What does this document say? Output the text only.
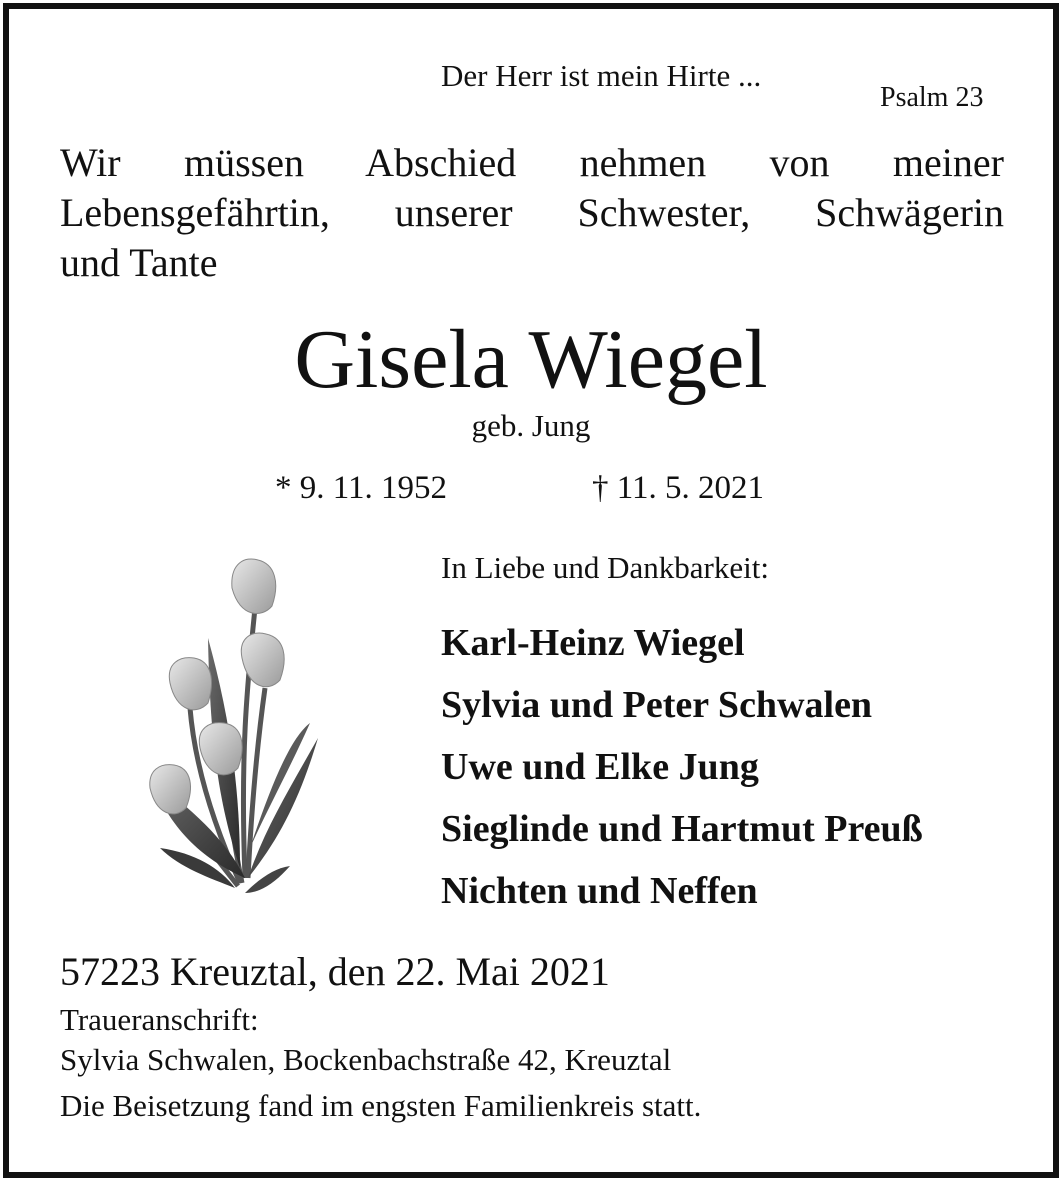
Der Herr ist mein Hirte ...
Psalm 23
Wir müssen Abschied nehmen von meiner
Lebensgefährtin, unserer Schwester, Schwägerin
und Tante
Gisela Wiegel
geb. Jung
* 9. 11. 1952	† 11. 5. 2021
In Liebe und Dankbarkeit:
Karl-Heinz Wiegel
Sylvia und Peter Schwalen
Uwe und Elke Jung
Sieglinde und Hartmut Preuß
Nichten und Neffen
57223 Kreuztal, den 22. Mai 2021
Traueranschrift:
Sylvia Schwalen, Bockenbachstraße 42, Kreuztal
Die Beisetzung fand im engsten Familienkreis statt.
